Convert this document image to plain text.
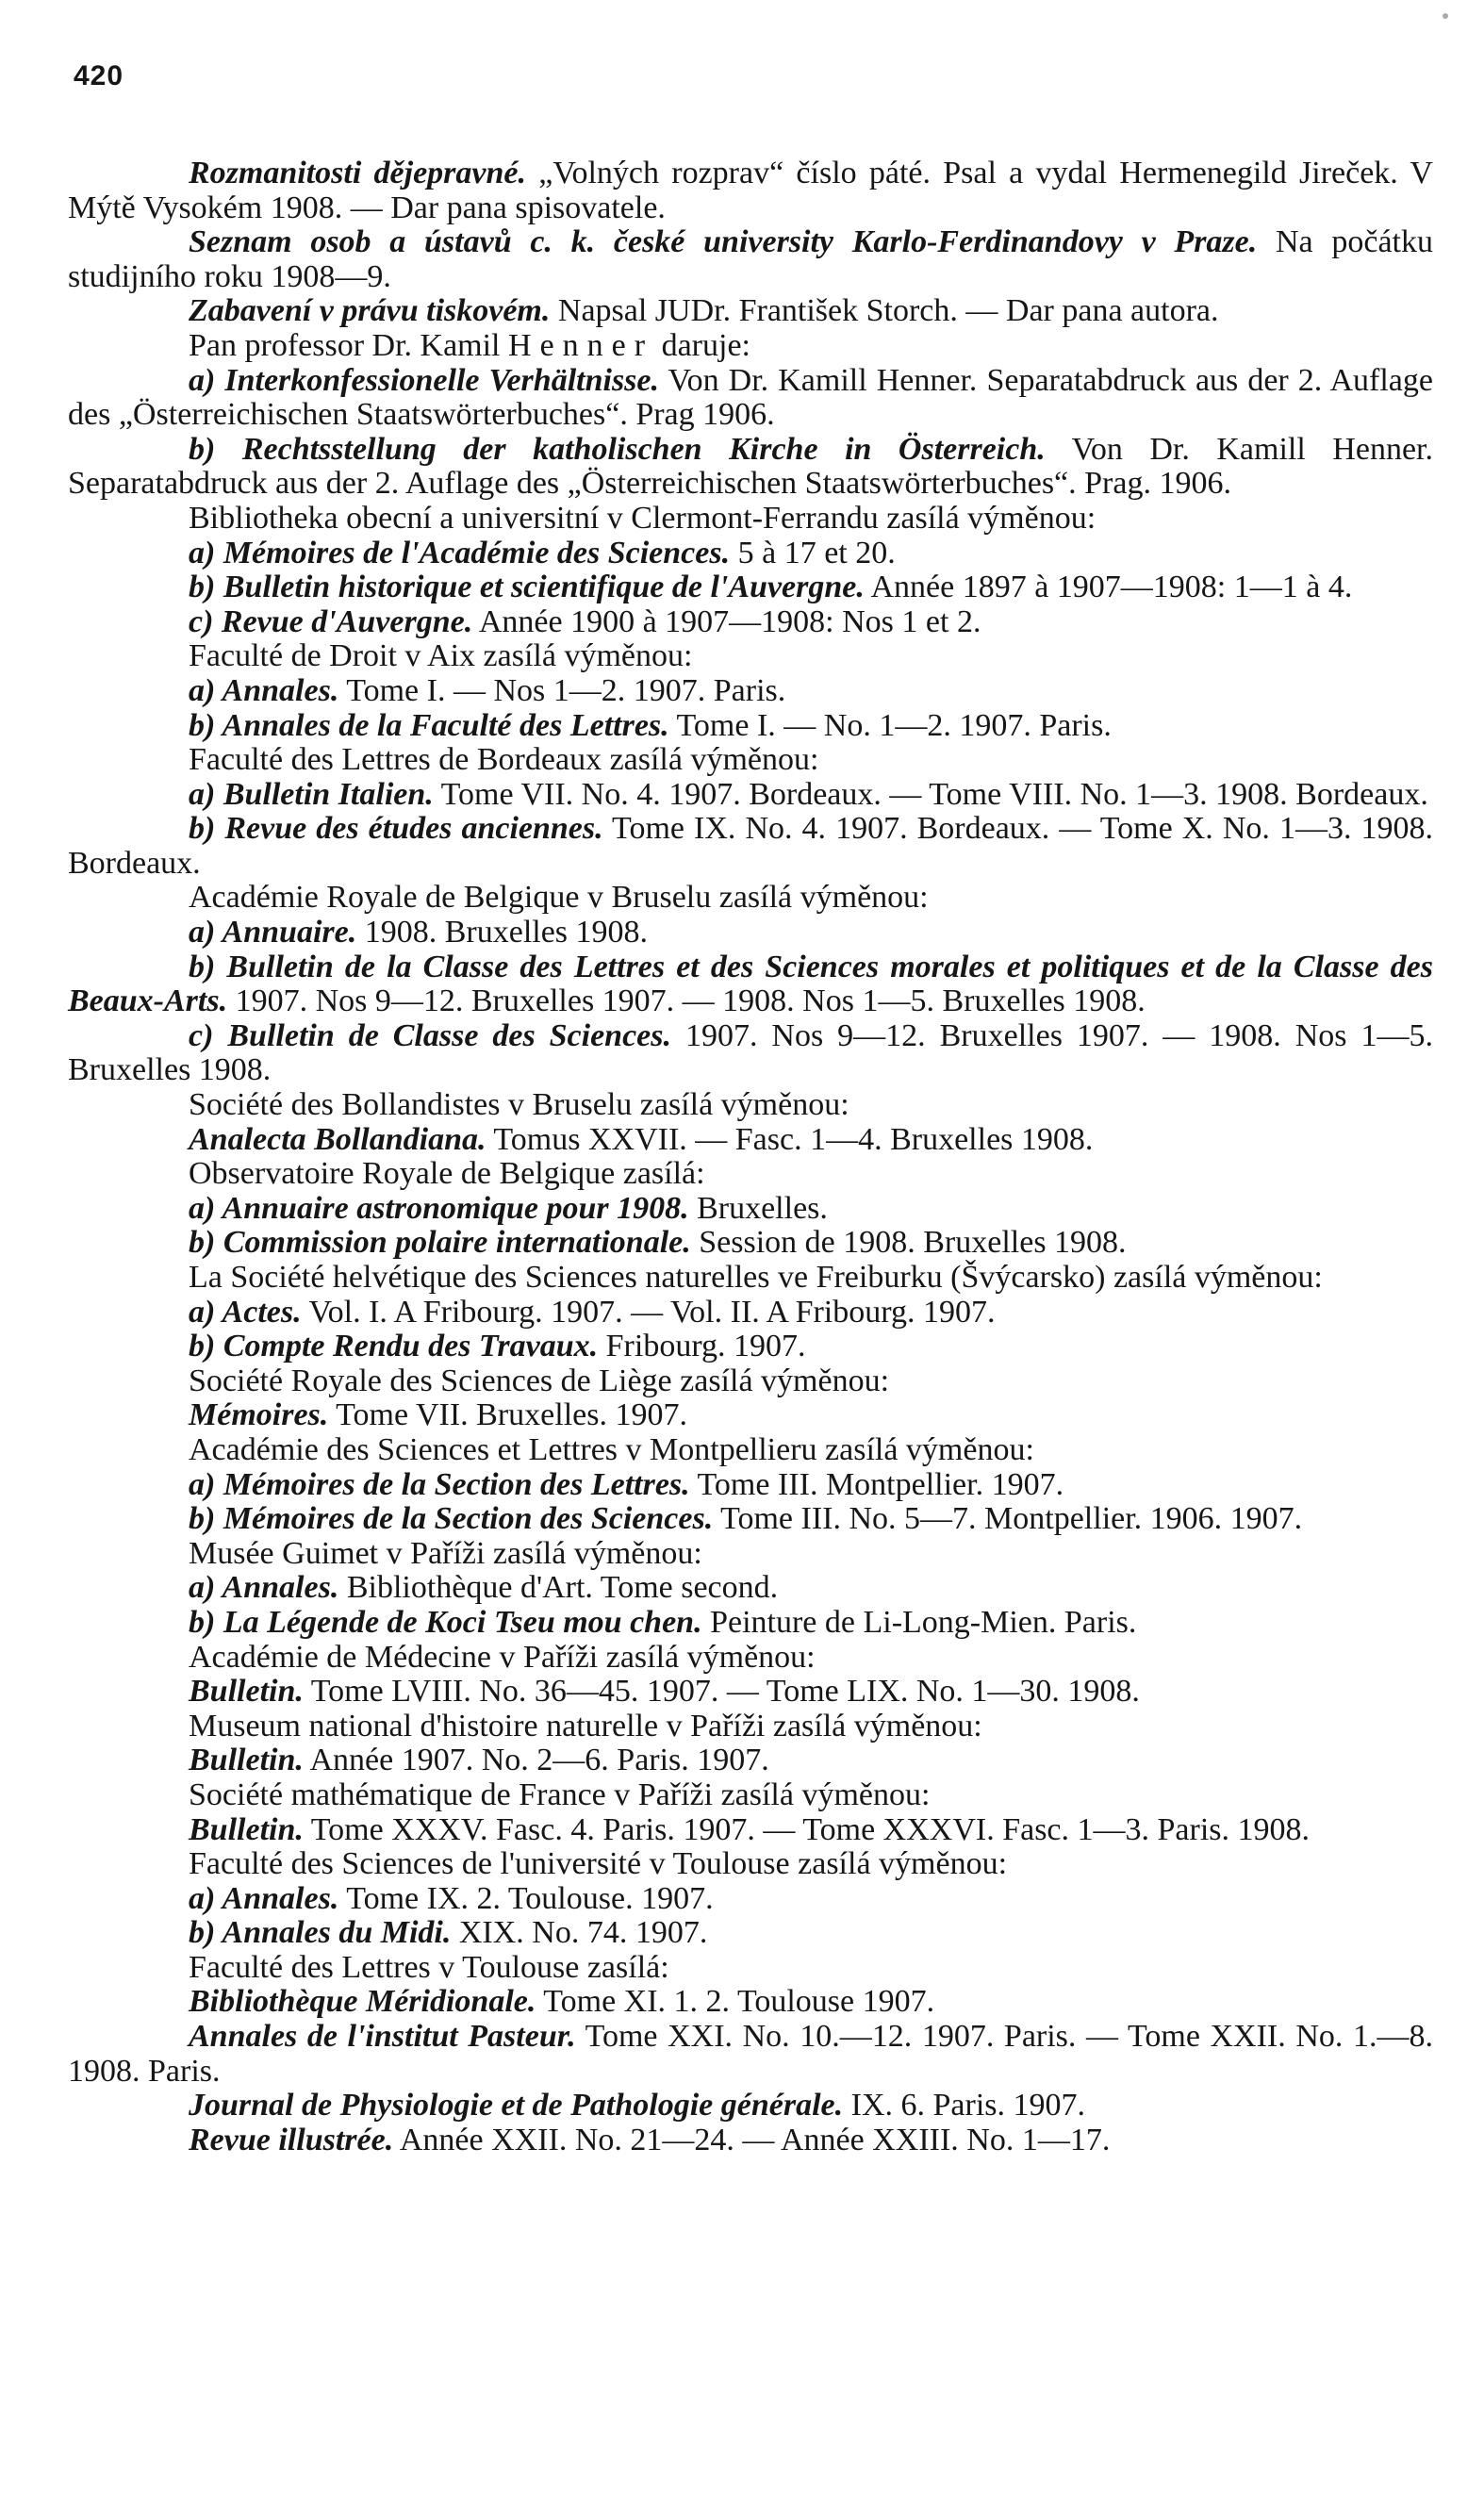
420

Rozmanitosti dějepravné. „Volných rozprav“ číslo páté. Psal a vydal Hermenegild Jireček. V Mýtě Vysokém 1908. — Dar pana spisovatele.

Seznam osob a ústavů c. k. české university Karlo-Ferdinandovy v Praze. Na počátku studijního roku 1908—9.

Zabavení v právu tiskovém. Napsal JUDr. František Storch. — Dar pana autora.

Pan professor Dr. Kamil Henner daruje:

a) Interkonfessionelle Verhältnisse. Von Dr. Kamill Henner. Separatabdruck aus der 2. Auflage des „Österreichischen Staatswörterbuches“. Prag 1906.

b) Rechtsstellung der katholischen Kirche in Österreich. Von Dr. Kamill Henner. Separatabdruck aus der 2. Auflage des „Österreichischen Staatswörterbuches“. Prag. 1906.

Bibliotheka obecní a universitní v Clermont-Ferrandu zasílá výměnou:

a) Mémoires de l'Académie des Sciences. 5 à 17 et 20.

b) Bulletin historique et scientifique de l'Auvergne. Année 1897 à 1907—1908: 1—1 à 4.

c) Revue d'Auvergne. Année 1900 à 1907—1908: Nos 1 et 2.

Faculté de Droit v Aix zasílá výměnou:

a) Annales. Tome I. — Nos 1—2. 1907. Paris.

b) Annales de la Faculté des Lettres. Tome I. — No. 1—2. 1907. Paris.

Faculté des Lettres de Bordeaux zasílá výměnou:

a) Bulletin Italien. Tome VII. No. 4. 1907. Bordeaux. — Tome VIII. No. 1—3. 1908. Bordeaux.

b) Revue des études anciennes. Tome IX. No. 4. 1907. Bordeaux. — Tome X. No. 1—3. 1908. Bordeaux.

Académie Royale de Belgique v Bruselu zasílá výměnou:

a) Annuaire. 1908. Bruxelles 1908.

b) Bulletin de la Classe des Lettres et des Sciences morales et politiques et de la Classe des Beaux-Arts. 1907. Nos 9—12. Bruxelles 1907. — 1908. Nos 1—5. Bruxelles 1908.

c) Bulletin de Classe des Sciences. 1907. Nos 9—12. Bruxelles 1907. — 1908. Nos 1—5. Bruxelles 1908.

Société des Bollandistes v Bruselu zasílá výměnou:

Analecta Bollandiana. Tomus XXVII. — Fasc. 1—4. Bruxelles 1908.

Observatoire Royale de Belgique zasílá:

a) Annuaire astronomique pour 1908. Bruxelles.

b) Commission polaire internationale. Session de 1908. Bruxelles 1908.

La Société helvétique des Sciences naturelles ve Freiburku (Švýcarsko) zasílá výměnou:

a) Actes. Vol. I. A Fribourg. 1907. — Vol. II. A Fribourg. 1907.

b) Compte Rendu des Travaux. Fribourg. 1907.

Société Royale des Sciences de Liège zasílá výměnou:

Mémoires. Tome VII. Bruxelles. 1907.

Académie des Sciences et Lettres v Montpellieru zasílá výměnou:

a) Mémoires de la Section des Lettres. Tome III. Montpellier. 1907.

b) Mémoires de la Section des Sciences. Tome III. No. 5—7. Montpellier. 1906. 1907.

Musée Guimet v Paříži zasílá výměnou:

a) Annales. Bibliothèque d'Art. Tome second.

b) La Légende de Koci Tseu mou chen. Peinture de Li-Long-Mien. Paris.

Académie de Médecine v Paříži zasílá výměnou:

Bulletin. Tome LVIII. No. 36—45. 1907. — Tome LIX. No. 1—30. 1908.

Museum national d'histoire naturelle v Paříži zasílá výměnou:

Bulletin. Année 1907. No. 2—6. Paris. 1907.

Société mathématique de France v Paříži zasílá výměnou:

Bulletin. Tome XXXV. Fasc. 4. Paris. 1907. — Tome XXXVI. Fasc. 1—3. Paris. 1908.

Faculté des Sciences de l'université v Toulouse zasílá výměnou:

a) Annales. Tome IX. 2. Toulouse. 1907.

b) Annales du Midi. XIX. No. 74. 1907.

Faculté des Lettres v Toulouse zasílá:

Bibliothèque Méridionale. Tome XI. 1. 2. Toulouse 1907.

Annales de l'institut Pasteur. Tome XXI. No. 10.—12. 1907. Paris. — Tome XXII. No. 1.—8. 1908. Paris.

Journal de Physiologie et de Pathologie générale. IX. 6. Paris. 1907.

Revue illustrée. Année XXII. No. 21—24. — Année XXIII. No. 1—17.
